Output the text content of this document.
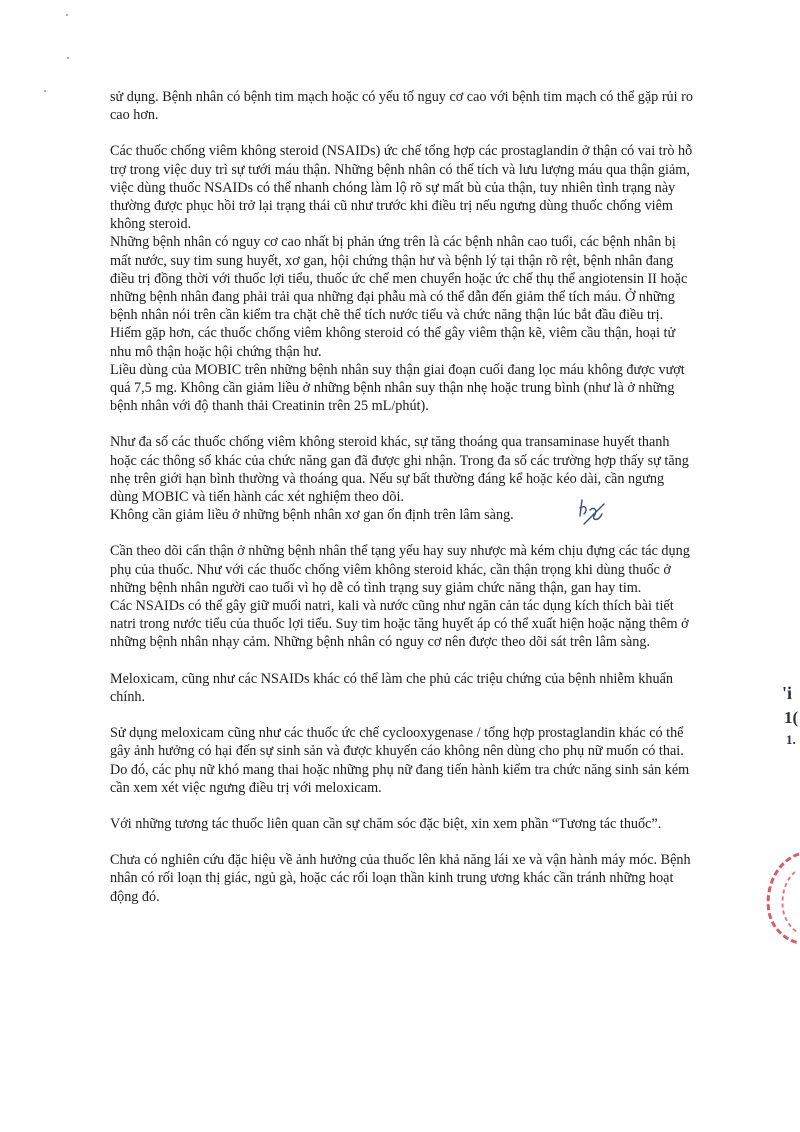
sử dụng. Bệnh nhân có bệnh tim mạch hoặc có yếu tố nguy cơ cao với bệnh tim mạch có thể gặp rủi ro cao hơn.

Các thuốc chống viêm không steroid (NSAIDs) ức chế tổng hợp các prostaglandin ở thận có vai trò hỗ trợ trong việc duy trì sự tưới máu thận. Những bệnh nhân có thể tích và lưu lượng máu qua thận giảm, việc dùng thuốc NSAIDs có thể nhanh chóng làm lộ rõ sự mất bù của thận, tuy nhiên tình trạng này thường được phục hồi trở lại trạng thái cũ như trước khi điều trị nếu ngưng dùng thuốc chống viêm không steroid.

Những bệnh nhân có nguy cơ cao nhất bị phản ứng trên là các bệnh nhân cao tuổi, các bệnh nhân bị mất nước, suy tim sung huyết, xơ gan, hội chứng thận hư và bệnh lý tại thận rõ rệt, bệnh nhân đang điều trị đồng thời với thuốc lợi tiểu, thuốc ức chế men chuyển hoặc ức chế thụ thể angiotensin II hoặc những bệnh nhân đang phải trải qua những đại phẫu mà có thể dẫn đến giảm thể tích máu. Ở những bệnh nhân nói trên cần kiểm tra chặt chẽ thể tích nước tiểu và chức năng thận lúc bắt đầu điều trị.

Hiếm gặp hơn, các thuốc chống viêm không steroid có thể gây viêm thận kẽ, viêm cầu thận, hoại tử nhu mô thận hoặc hội chứng thận hư.

Liều dùng của MOBIC trên những bệnh nhân suy thận giai đoạn cuối đang lọc máu không được vượt quá 7,5 mg. Không cần giảm liều ở những bệnh nhân suy thận nhẹ hoặc trung bình (như là ở những bệnh nhân với độ thanh thải Creatinin trên 25 mL/phút).

Như đa số các thuốc chống viêm không steroid khác, sự tăng thoáng qua transaminase huyết thanh hoặc các thông số khác của chức năng gan đã được ghi nhận. Trong đa số các trường hợp thấy sự tăng nhẹ trên giới hạn bình thường và thoáng qua. Nếu sự bất thường đáng kể hoặc kéo dài, cần ngưng dùng MOBIC và tiến hành các xét nghiệm theo dõi.

Không cần giảm liều ở những bệnh nhân xơ gan ổn định trên lâm sàng.

Cần theo dõi cẩn thận ở những bệnh nhân thể tạng yếu hay suy nhược mà kém chịu đựng các tác dụng phụ của thuốc. Như với các thuốc chống viêm không steroid khác, cần thận trọng khi dùng thuốc ở những bệnh nhân người cao tuổi vì họ dễ có tình trạng suy giảm chức năng thận, gan hay tim.

Các NSAIDs có thể gây giữ muối natri, kali và nước cũng như ngăn cản tác dụng kích thích bài tiết natri trong nước tiểu của thuốc lợi tiểu. Suy tim hoặc tăng huyết áp có thể xuất hiện hoặc nặng thêm ở những bệnh nhân nhạy cảm. Những bệnh nhân có nguy cơ nên được theo dõi sát trên lâm sàng.

Meloxicam, cũng như các NSAIDs khác có thể làm che phủ các triệu chứng của bệnh nhiễm khuẩn chính.

Sử dụng meloxicam cũng như các thuốc ức chế cyclooxygenase / tổng hợp prostaglandin khác có thể gây ảnh hưởng có hại đến sự sinh sản và được khuyến cáo không nên dùng cho phụ nữ muốn có thai.

Do đó, các phụ nữ khó mang thai hoặc những phụ nữ đang tiến hành kiểm tra chức năng sinh sản kém cần xem xét việc ngưng điều trị với meloxicam.

Với những tương tác thuốc liên quan cần sự chăm sóc đặc biệt, xin xem phần “Tương tác thuốc”.

Chưa có nghiên cứu đặc hiệu về ảnh hưởng của thuốc lên khả năng lái xe và vận hành máy móc. Bệnh nhân có rối loạn thị giác, ngủ gà, hoặc các rối loạn thần kinh trung ương khác cần tránh những hoạt động đó.

'i
1(
1.
